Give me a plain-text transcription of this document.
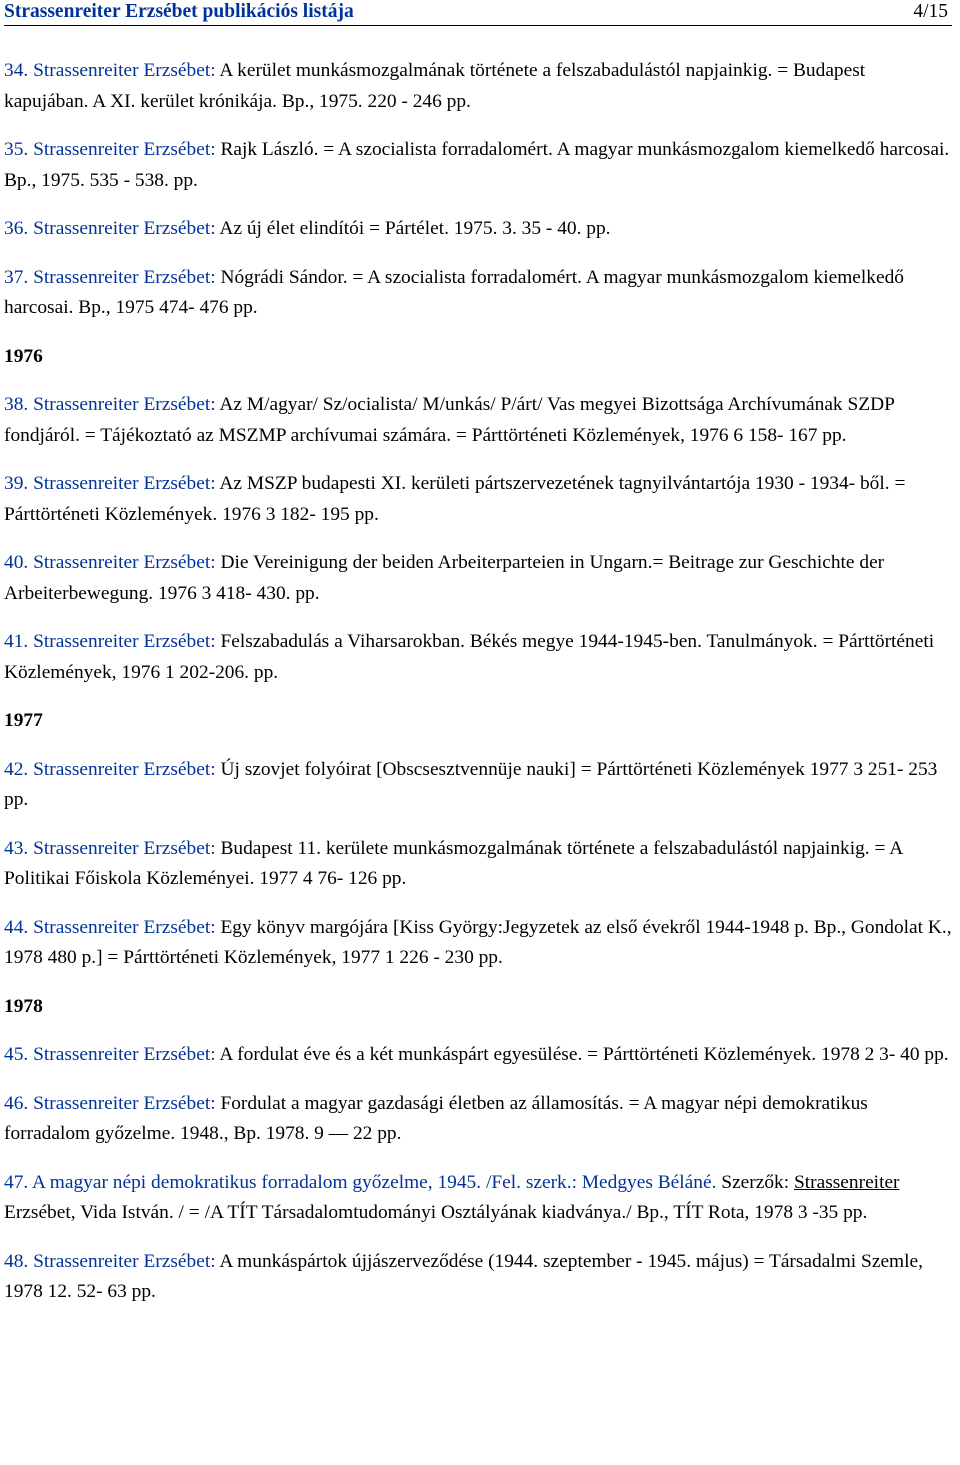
Strassenreiter Erzsébet publikációs listája	4/15
34. Strassenreiter Erzsébet: A kerület munkásmozgalmának története a felszabadulástól napjainkig. = Budapest kapujában. A XI. kerület krónikája. Bp., 1975. 220 - 246 pp.
35. Strassenreiter Erzsébet: Rajk László. = A szocialista forradalomért. A magyar munkásmozgalom kiemelkedő harcosai. Bp., 1975. 535 - 538. pp.
36. Strassenreiter Erzsébet: Az új élet elindítói = Pártélet. 1975. 3. 35 - 40. pp.
37. Strassenreiter Erzsébet: Nógrádi Sándor. = A szocialista forradalomért. A magyar munkásmozgalom kiemelkedő harcosai. Bp., 1975 474- 476 pp.
1976
38. Strassenreiter Erzsébet: Az M/agyar/ Sz/ocialista/ M/unkás/ P/árt/ Vas megyei Bizottsága Archívumának SZDP fondjáról. = Tájékoztató az MSZMP archívumai számára. = Párttörténeti Közlemények, 1976 6 158- 167 pp.
39. Strassenreiter Erzsébet: Az MSZP budapesti XI. kerületi pártszervezetének tagnyilvántartója 1930 - 1934- ből. = Párttörténeti Közlemények. 1976 3 182- 195 pp.
40. Strassenreiter Erzsébet: Die Vereinigung der beiden Arbeiterparteien in Ungarn.= Beitrage zur Geschichte der Arbeiterbewegung. 1976 3 418- 430. pp.
41. Strassenreiter Erzsébet: Felszabadulás a Viharsarokban. Békés megye 1944-1945-ben. Tanulmányok. = Párttörténeti Közlemények, 1976 1 202-206. pp.
1977
42. Strassenreiter Erzsébet: Új szovjet folyóirat [Obscsesztvennüje nauki] = Párttörténeti Közlemények 1977 3 251- 253 pp.
43. Strassenreiter Erzsébet: Budapest 11. kerülete munkásmozgalmának története a felszabadulástól napjainkig. = A Politikai Főiskola Közleményei. 1977 4 76- 126 pp.
44. Strassenreiter Erzsébet: Egy könyv margójára [Kiss György:Jegyzetek az első évekről 1944-1948 p. Bp., Gondolat K., 1978 480 p.] = Párttörténeti Közlemények, 1977 1 226 - 230 pp.
1978
45. Strassenreiter Erzsébet: A fordulat éve és a két munkáspárt egyesülése. = Párttörténeti Közlemények. 1978 2 3- 40 pp.
46. Strassenreiter Erzsébet: Fordulat a magyar gazdasági életben az államosítás. = A magyar népi demokratikus forradalom győzelme. 1948., Bp. 1978. 9 — 22 pp.
47. A magyar népi demokratikus forradalom győzelme, 1945. /Fel. szerk.: Medgyes Béláné. Szerzők: Strassenreiter Erzsébet, Vida István. / = /A TÍT Társadalomtudományi Osztályának kiadványa./ Bp., TÍT Rota, 1978 3 -35 pp.
48. Strassenreiter Erzsébet: A munkáspártok újjászerveződése (1944. szeptember - 1945. május) = Társadalmi Szemle, 1978 12. 52- 63 pp.
